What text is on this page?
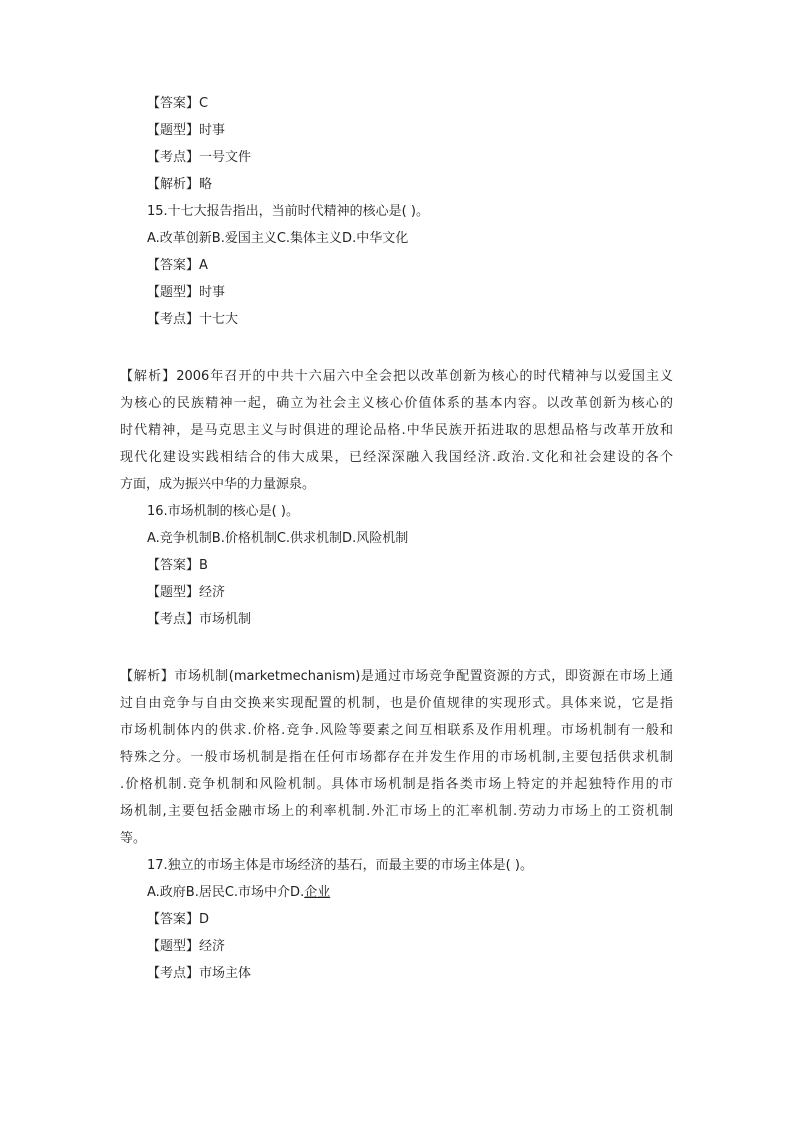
【答案】C
【题型】时事
【考点】一号文件
【解析】略
15.十七大报告指出，当前时代精神的核心是( )。
A.改革创新B.爱国主义C.集体主义D.中华文化
【答案】A
【题型】时事
【考点】十七大
【解析】2006年召开的中共十六届六中全会把以改革创新为核心的时代精神与以爱国主义
为核心的民族精神一起，确立为社会主义核心价值体系的基本内容。以改革创新为核心的
时代精神，是马克思主义与时俱进的理论品格.中华民族开拓进取的思想品格与改革开放和
现代化建设实践相结合的伟大成果，已经深深融入我国经济.政治.文化和社会建设的各个
方面，成为振兴中华的力量源泉。
16.市场机制的核心是( )。
A.竞争机制B.价格机制C.供求机制D.风险机制
【答案】B
【题型】经济
【考点】市场机制
【解析】市场机制(marketmechanism)是通过市场竞争配置资源的方式，即资源在市场上通
过自由竞争与自由交换来实现配置的机制，也是价值规律的实现形式。具体来说，它是指
市场机制体内的供求.价格.竞争.风险等要素之间互相联系及作用机理。市场机制有一般和
特殊之分。一般市场机制是指在任何市场都存在并发生作用的市场机制,主要包括供求机制
.价格机制.竞争机制和风险机制。具体市场机制是指各类市场上特定的并起独特作用的市
场机制,主要包括金融市场上的利率机制.外汇市场上的汇率机制.劳动力市场上的工资机制
等。
17.独立的市场主体是市场经济的基石，而最主要的市场主体是( )。
A.政府B.居民C.市场中介D.企业
【答案】D
【题型】经济
【考点】市场主体
